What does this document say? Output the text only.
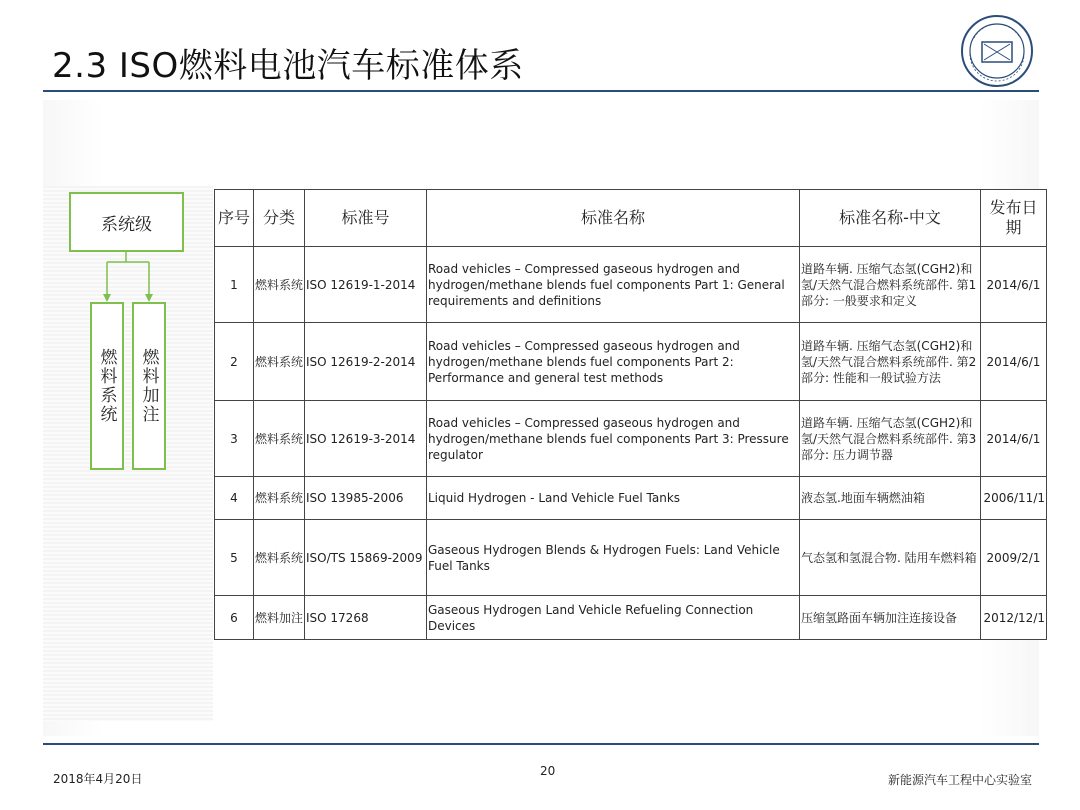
2.3 ISO燃料电池汽车标准体系
系统级
燃料系统 燃料加注
序号	分类	标准号	标准名称	标准名称-中文	发布日期
1	燃料系统	ISO 12619-1-2014	Road vehicles – Compressed gaseous hydrogen and hydrogen/methane blends fuel components Part 1: General requirements and definitions	道路车辆. 压缩气态氢(CGH2)和氢/天然气混合燃料系统部件. 第1部分: 一般要求和定义	2014/6/1
2	燃料系统	ISO 12619-2-2014	Road vehicles – Compressed gaseous hydrogen and hydrogen/methane blends fuel components Part 2: Performance and general test methods	道路车辆. 压缩气态氢(CGH2)和氢/天然气混合燃料系统部件. 第2部分: 性能和一般试验方法	2014/6/1
3	燃料系统	ISO 12619-3-2014	Road vehicles – Compressed gaseous hydrogen and hydrogen/methane blends fuel components Part 3: Pressure regulator	道路车辆. 压缩气态氢(CGH2)和氢/天然气混合燃料系统部件. 第3部分: 压力调节器	2014/6/1
4	燃料系统	ISO 13985-2006	Liquid Hydrogen - Land Vehicle Fuel Tanks	液态氢.地面车辆燃油箱	2006/11/1
5	燃料系统	ISO/TS 15869-2009	Gaseous Hydrogen Blends & Hydrogen Fuels: Land Vehicle Fuel Tanks	气态氢和氢混合物. 陆用车燃料箱	2009/2/1
6	燃料加注	ISO 17268	Gaseous Hydrogen Land Vehicle Refueling Connection Devices	压缩氢路面车辆加注连接设备	2012/12/1
2018年4月20日
20
新能源汽车工程中心实验室
